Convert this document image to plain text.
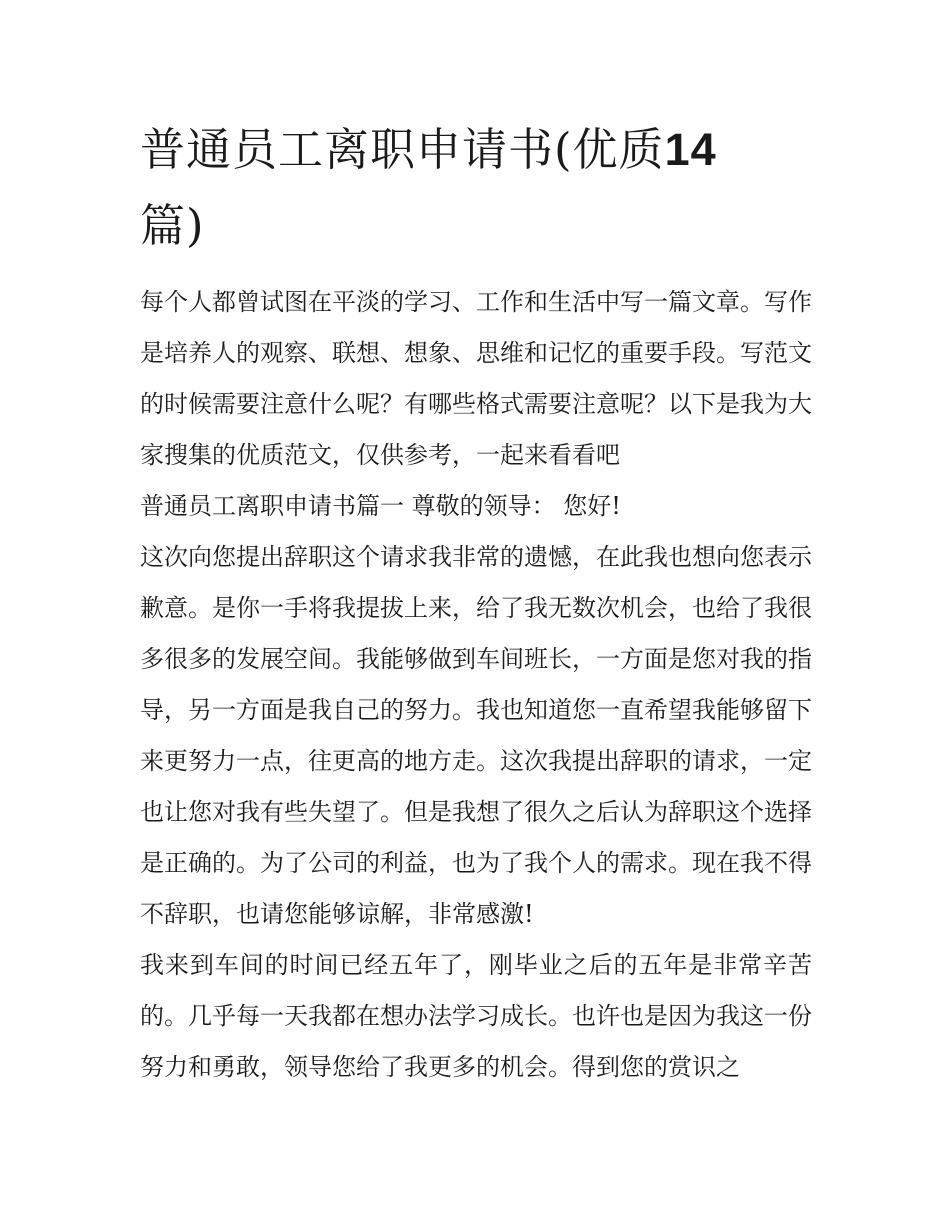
普通员工离职申请书(优质14
篇)

每个人都曾试图在平淡的学习、工作和生活中写一篇文章。写作是培养人的观察、联想、想象、思维和记忆的重要手段。写范文的时候需要注意什么呢？有哪些格式需要注意呢？以下是我为大家搜集的优质范文，仅供参考，一起来看看吧

普通员工离职申请书篇一 尊敬的领导： 您好!

这次向您提出辞职这个请求我非常的遗憾，在此我也想向您表示歉意。是你一手将我提拔上来，给了我无数次机会，也给了我很多很多的发展空间。我能够做到车间班长，一方面是您对我的指导，另一方面是我自己的努力。我也知道您一直希望我能够留下来更努力一点，往更高的地方走。这次我提出辞职的请求，一定也让您对我有些失望了。但是我想了很久之后认为辞职这个选择是正确的。为了公司的利益，也为了我个人的需求。现在我不得不辞职，也请您能够谅解，非常感激!

我来到车间的时间已经五年了，刚毕业之后的五年是非常辛苦的。几乎每一天我都在想办法学习成长。也许也是因为我这一份努力和勇敢，领导您给了我更多的机会。得到您的赏识之
